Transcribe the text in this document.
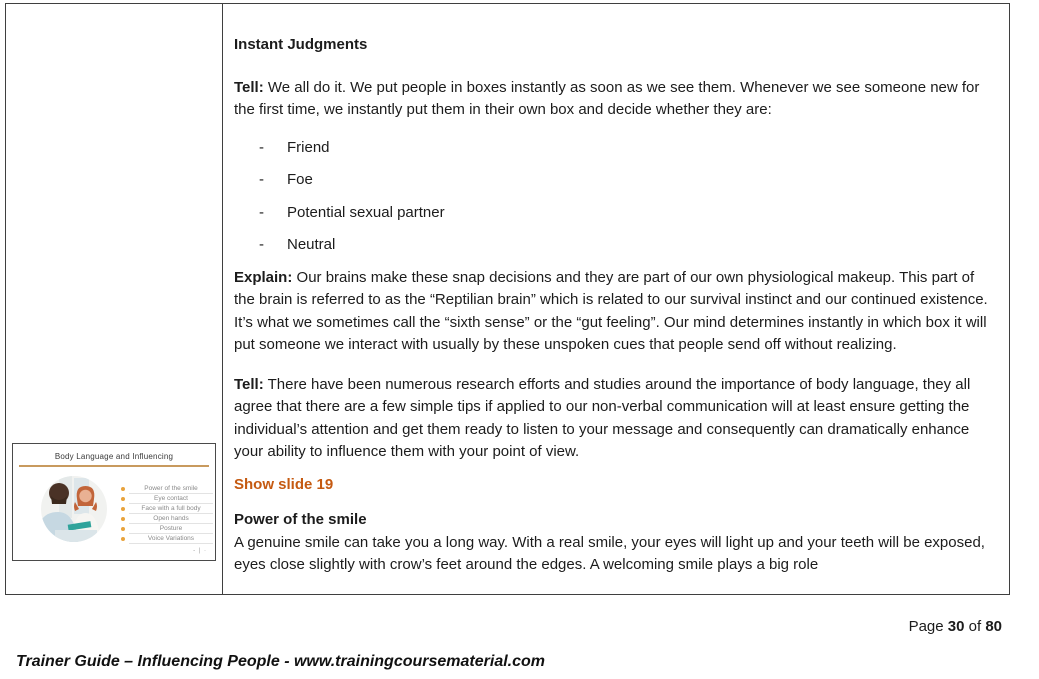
Body Language and Influencing
Power of the smile
Eye contact
Face with a full body
Open hands
Posture
Voice Variations
- | ·
Instant Judgments

Tell: We all do it. We put people in boxes instantly as soon as we see them. Whenever we see someone new for the first time, we instantly put them in their own box and decide whether they are:

-	Friend
-	Foe
-	Potential sexual partner
-	Neutral

Explain: Our brains make these snap decisions and they are part of our own physiological makeup. This part of the brain is referred to as the “Reptilian brain” which is related to our survival instinct and our continued existence. It’s what we sometimes call the “sixth sense” or the “gut feeling”. Our mind determines instantly in which box it will put someone we interact with usually by these unspoken cues that people send off without realizing.

Tell: There have been numerous research efforts and studies around the importance of body language, they all agree that there are a few simple tips if applied to our non-verbal communication will at least ensure getting the individual’s attention and get them ready to listen to your message and consequently can dramatically enhance your ability to influence them with your point of view.

Show slide 19

Power of the smile
A genuine smile can take you a long way. With a real smile, your eyes will light up and your teeth will be exposed, eyes close slightly with crow’s feet around the edges. A welcoming smile plays a big role

Page 30 of 80
Trainer Guide – Influencing People - www.trainingcoursematerial.com
